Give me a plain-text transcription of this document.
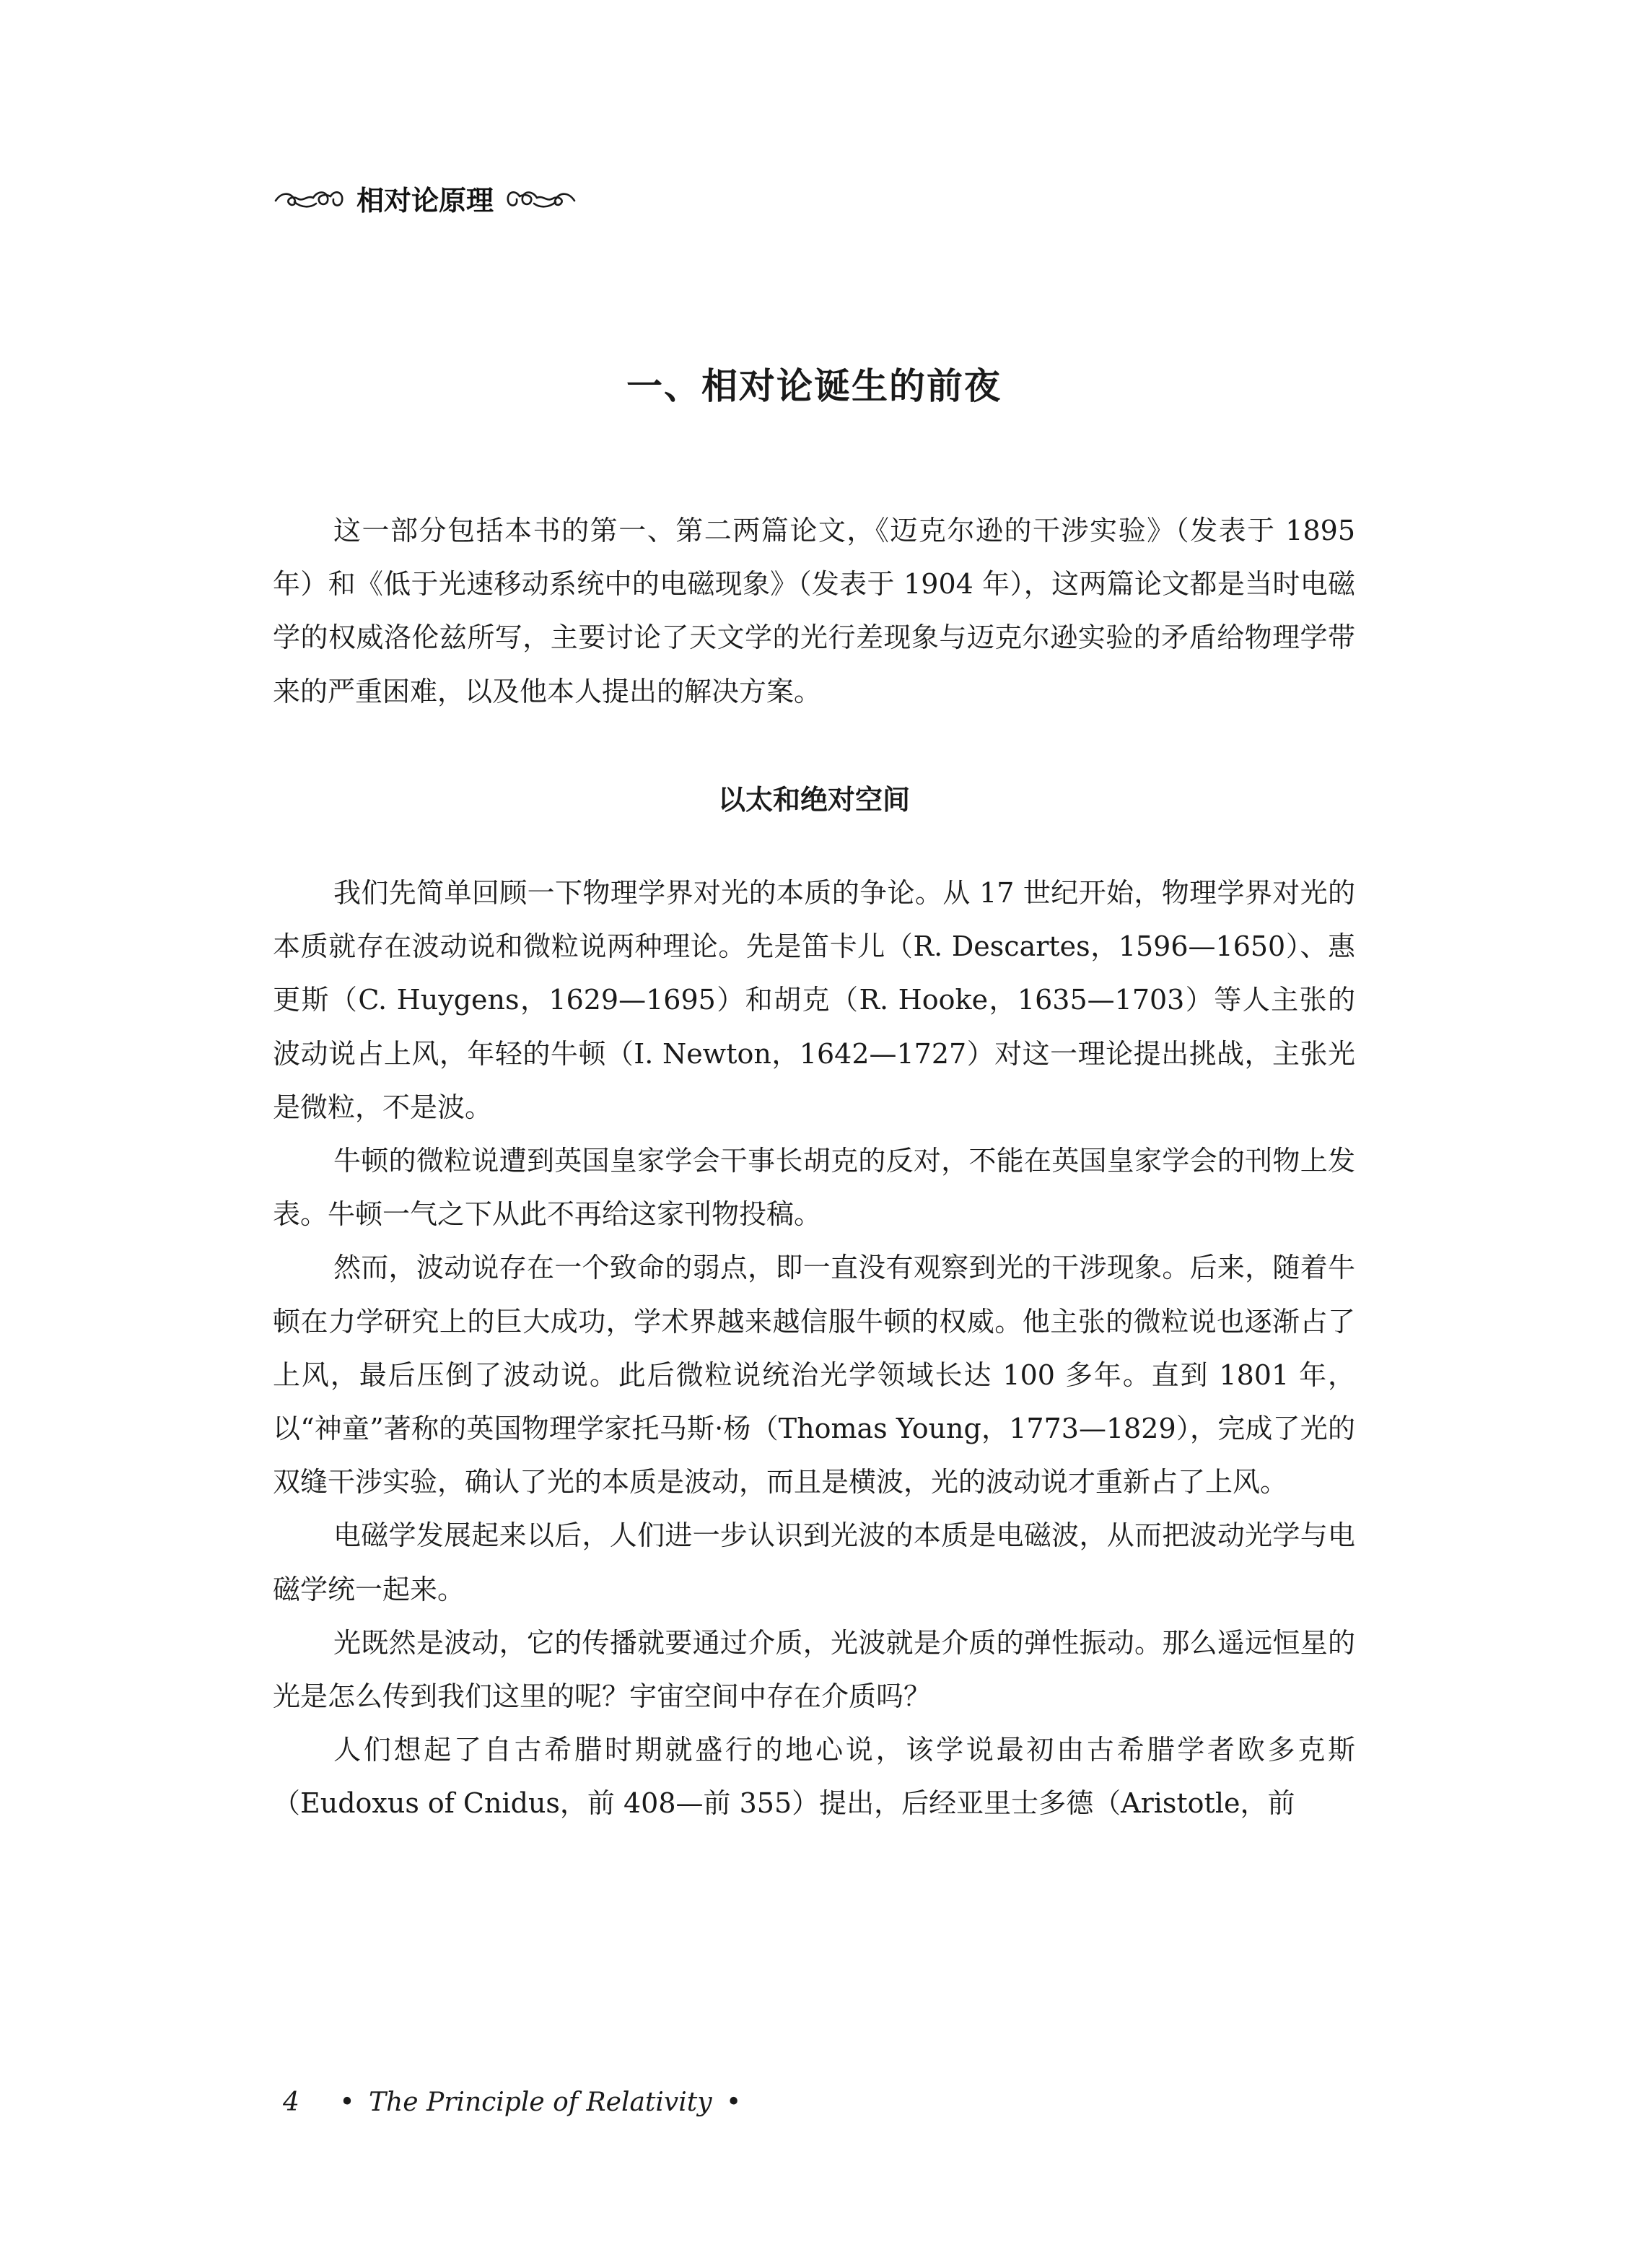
相对论原理
一、相对论诞生的前夜

这一部分包括本书的第一、第二两篇论文，《迈克尔逊的干涉实验》（发表于 1895 年）和《低于光速移动系统中的电磁现象》（发表于 1904 年），这两篇论文都是当时电磁学的权威洛伦兹所写，主要讨论了天文学的光行差现象与迈克尔逊实验的矛盾给物理学带来的严重困难，以及他本人提出的解决方案。

以太和绝对空间

我们先简单回顾一下物理学界对光的本质的争论。从 17 世纪开始，物理学界对光的本质就存在波动说和微粒说两种理论。先是笛卡儿（R. Descartes，1596—1650）、惠更斯（C. Huygens，1629—1695）和胡克（R. Hooke，1635—1703）等人主张的波动说占上风，年轻的牛顿（I. Newton，1642—1727）对这一理论提出挑战，主张光是微粒，不是波。

牛顿的微粒说遭到英国皇家学会干事长胡克的反对，不能在英国皇家学会的刊物上发表。牛顿一气之下从此不再给这家刊物投稿。

然而，波动说存在一个致命的弱点，即一直没有观察到光的干涉现象。后来，随着牛顿在力学研究上的巨大成功，学术界越来越信服牛顿的权威。他主张的微粒说也逐渐占了上风，最后压倒了波动说。此后微粒说统治光学领域长达 100 多年。直到 1801 年，以“神童”著称的英国物理学家托马斯·杨（Thomas Young，1773—1829），完成了光的双缝干涉实验，确认了光的本质是波动，而且是横波，光的波动说才重新占了上风。

电磁学发展起来以后，人们进一步认识到光波的本质是电磁波，从而把波动光学与电磁学统一起来。

光既然是波动，它的传播就要通过介质，光波就是介质的弹性振动。那么遥远恒星的光是怎么传到我们这里的呢？宇宙空间中存在介质吗？

人们想起了自古希腊时期就盛行的地心说，该学说最初由古希腊学者欧多克斯（Eudoxus of Cnidus，前 408—前 355）提出，后经亚里士多德（Aristotle，前

4 • The Principle of Relativity •
